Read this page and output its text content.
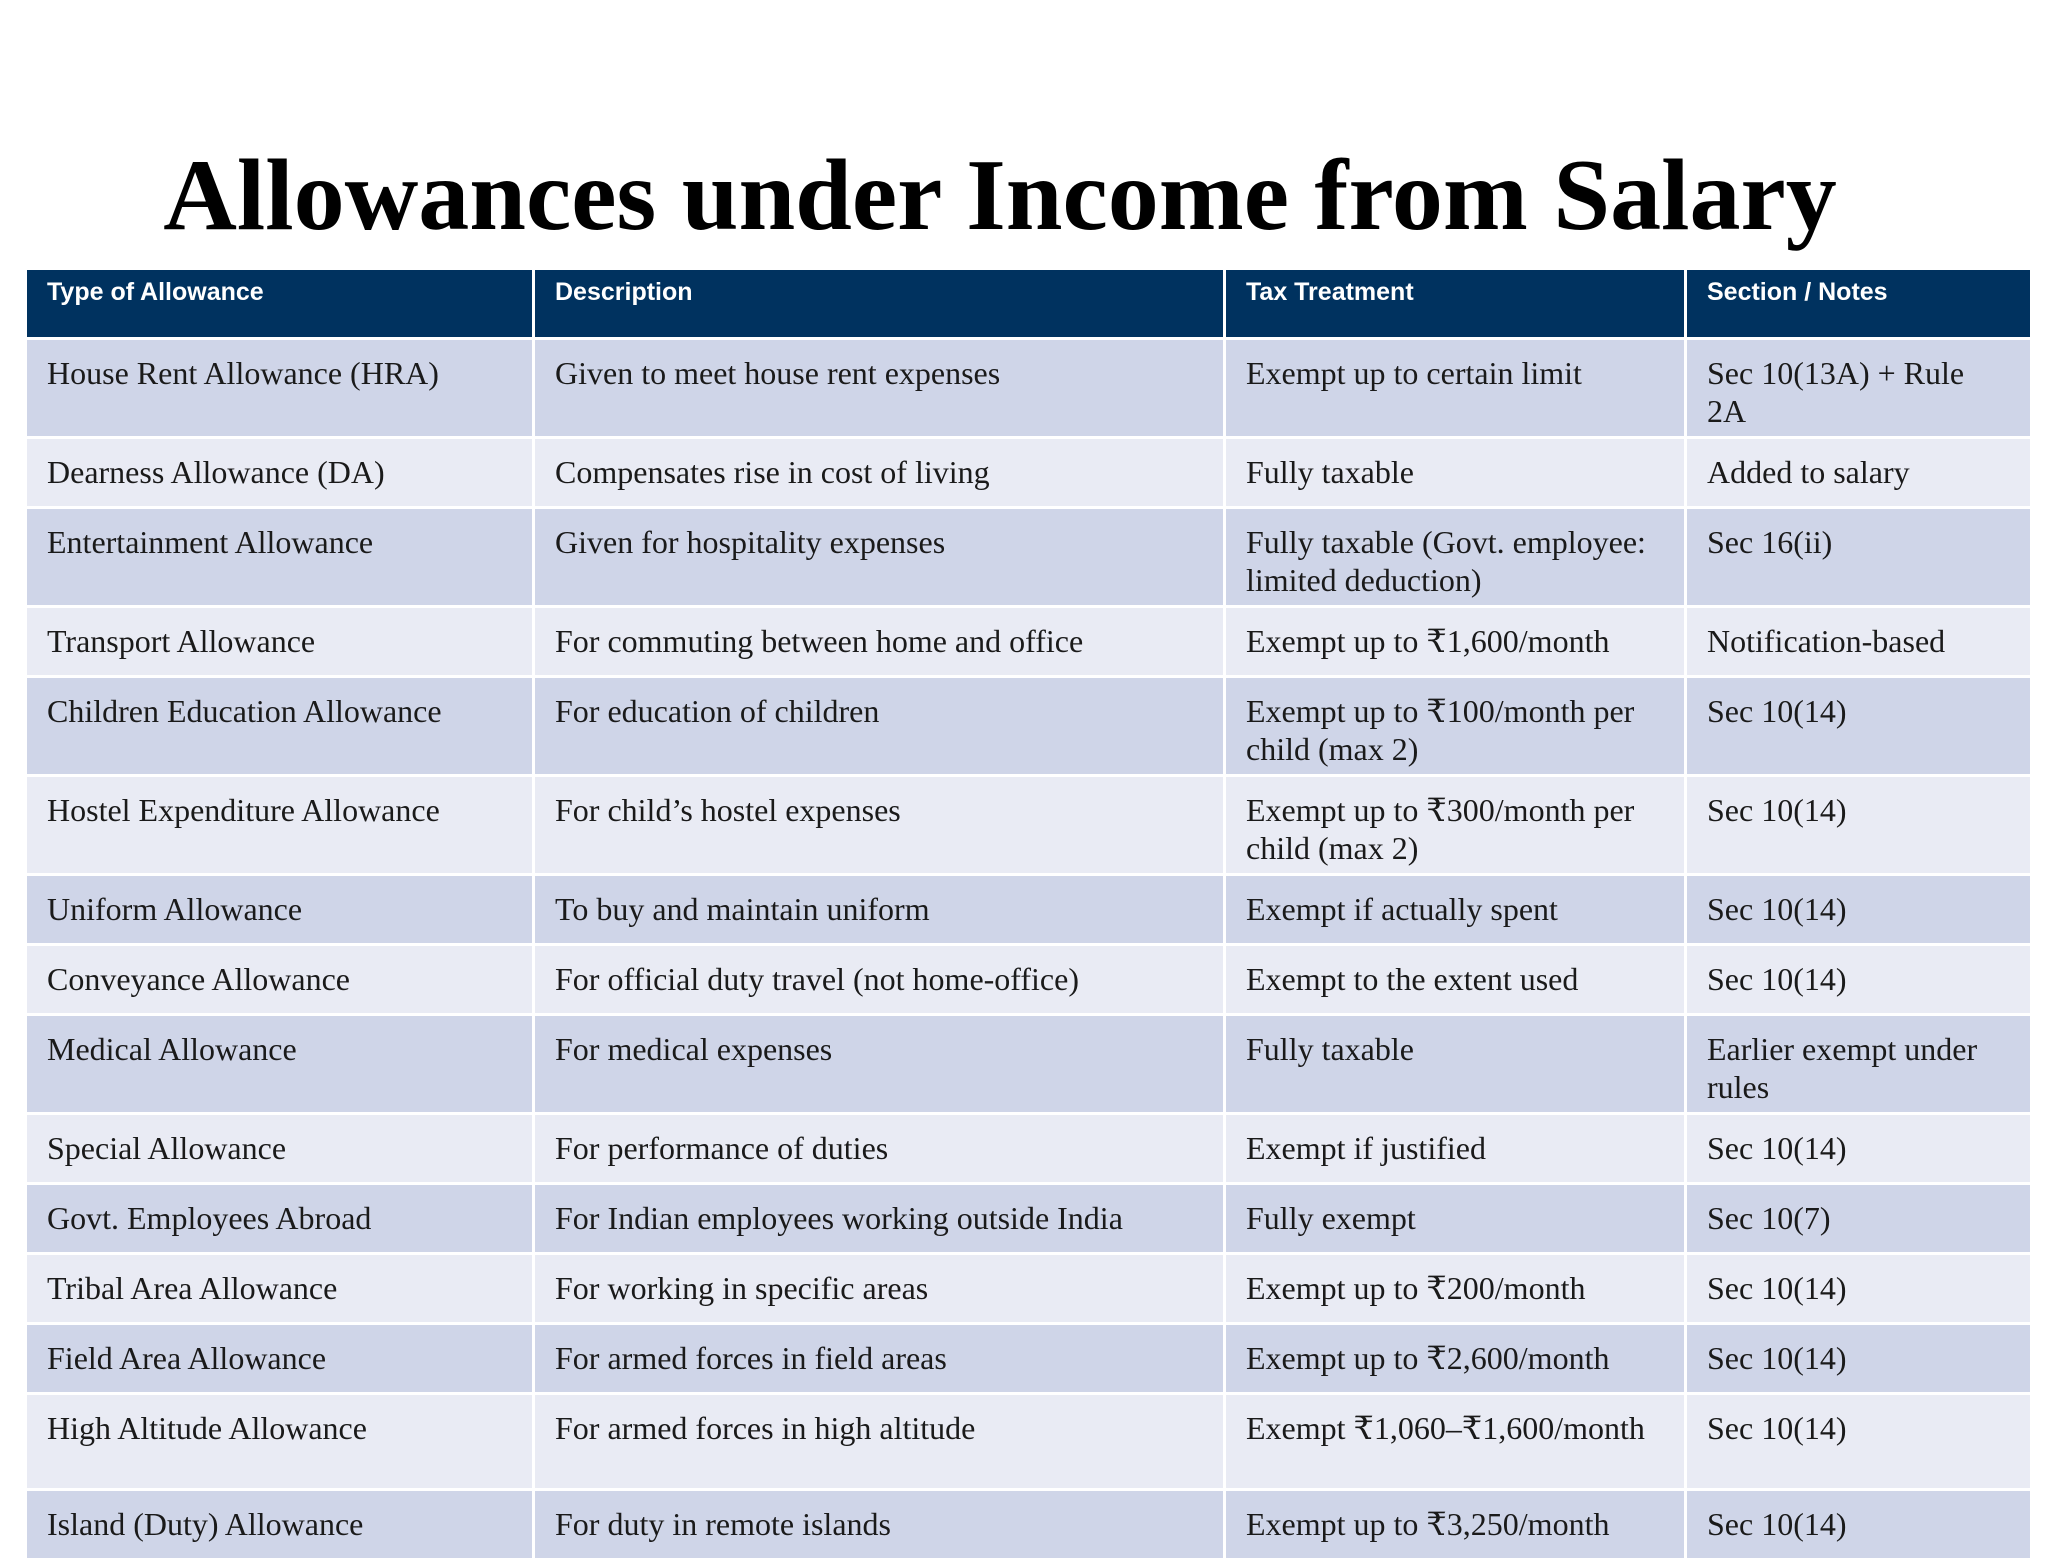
Allowances under Income from Salary
Type of Allowance	Description	Tax Treatment	Section / Notes
House Rent Allowance (HRA)	Given to meet house rent expenses	Exempt up to certain limit	Sec 10(13A) + Rule 2A
Dearness Allowance (DA)	Compensates rise in cost of living	Fully taxable	Added to salary
Entertainment Allowance	Given for hospitality expenses	Fully taxable (Govt. employee: limited deduction)	Sec 16(ii)
Transport Allowance	For commuting between home and office	Exempt up to ₹1,600/month	Notification-based
Children Education Allowance	For education of children	Exempt up to ₹100/month per child (max 2)	Sec 10(14)
Hostel Expenditure Allowance	For child’s hostel expenses	Exempt up to ₹300/month per child (max 2)	Sec 10(14)
Uniform Allowance	To buy and maintain uniform	Exempt if actually spent	Sec 10(14)
Conveyance Allowance	For official duty travel (not home-office)	Exempt to the extent used	Sec 10(14)
Medical Allowance	For medical expenses	Fully taxable	Earlier exempt under rules
Special Allowance	For performance of duties	Exempt if justified	Sec 10(14)
Govt. Employees Abroad	For Indian employees working outside India	Fully exempt	Sec 10(7)
Tribal Area Allowance	For working in specific areas	Exempt up to ₹200/month	Sec 10(14)
Field Area Allowance	For armed forces in field areas	Exempt up to ₹2,600/month	Sec 10(14)
High Altitude Allowance	For armed forces in high altitude	Exempt ₹1,060–₹1,600/month	Sec 10(14)
Island (Duty) Allowance	For duty in remote islands	Exempt up to ₹3,250/month	Sec 10(14)
